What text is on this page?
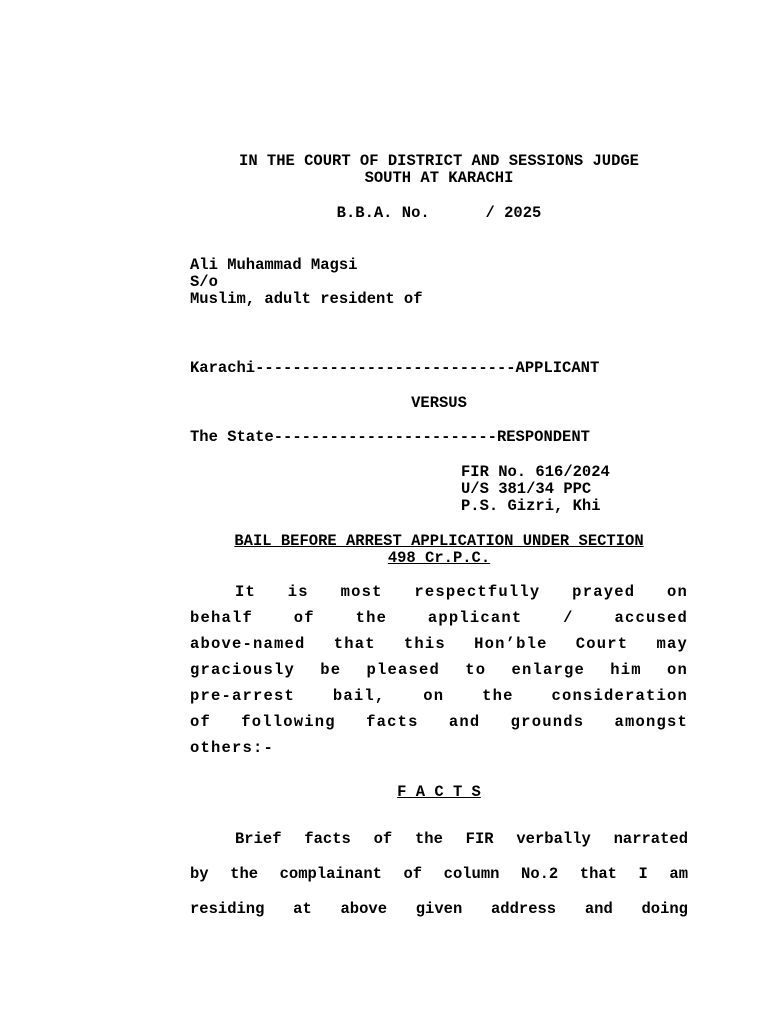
IN THE COURT OF DISTRICT AND SESSIONS JUDGE
SOUTH AT KARACHI
B.B.A. No.      / 2025
Ali Muhammad Magsi
S/o
Muslim, adult resident of
Karachi----------------------------APPLICANT
VERSUS
The State------------------------RESPONDENT
FIR No. 616/2024
U/S 381/34 PPC
P.S. Gizri, Khi
BAIL BEFORE ARREST APPLICATION UNDER SECTION
498 Cr.P.C.
It is most respectfully prayed on
behalf of the applicant / accused
above-named that this Hon’ble Court may
graciously be pleased to enlarge him on
pre-arrest bail, on the consideration
of following facts and grounds amongst
others:-
F A C T S
Brief facts of the FIR verbally narrated
by the complainant of column No.2 that I am
residing at above given address and doing
